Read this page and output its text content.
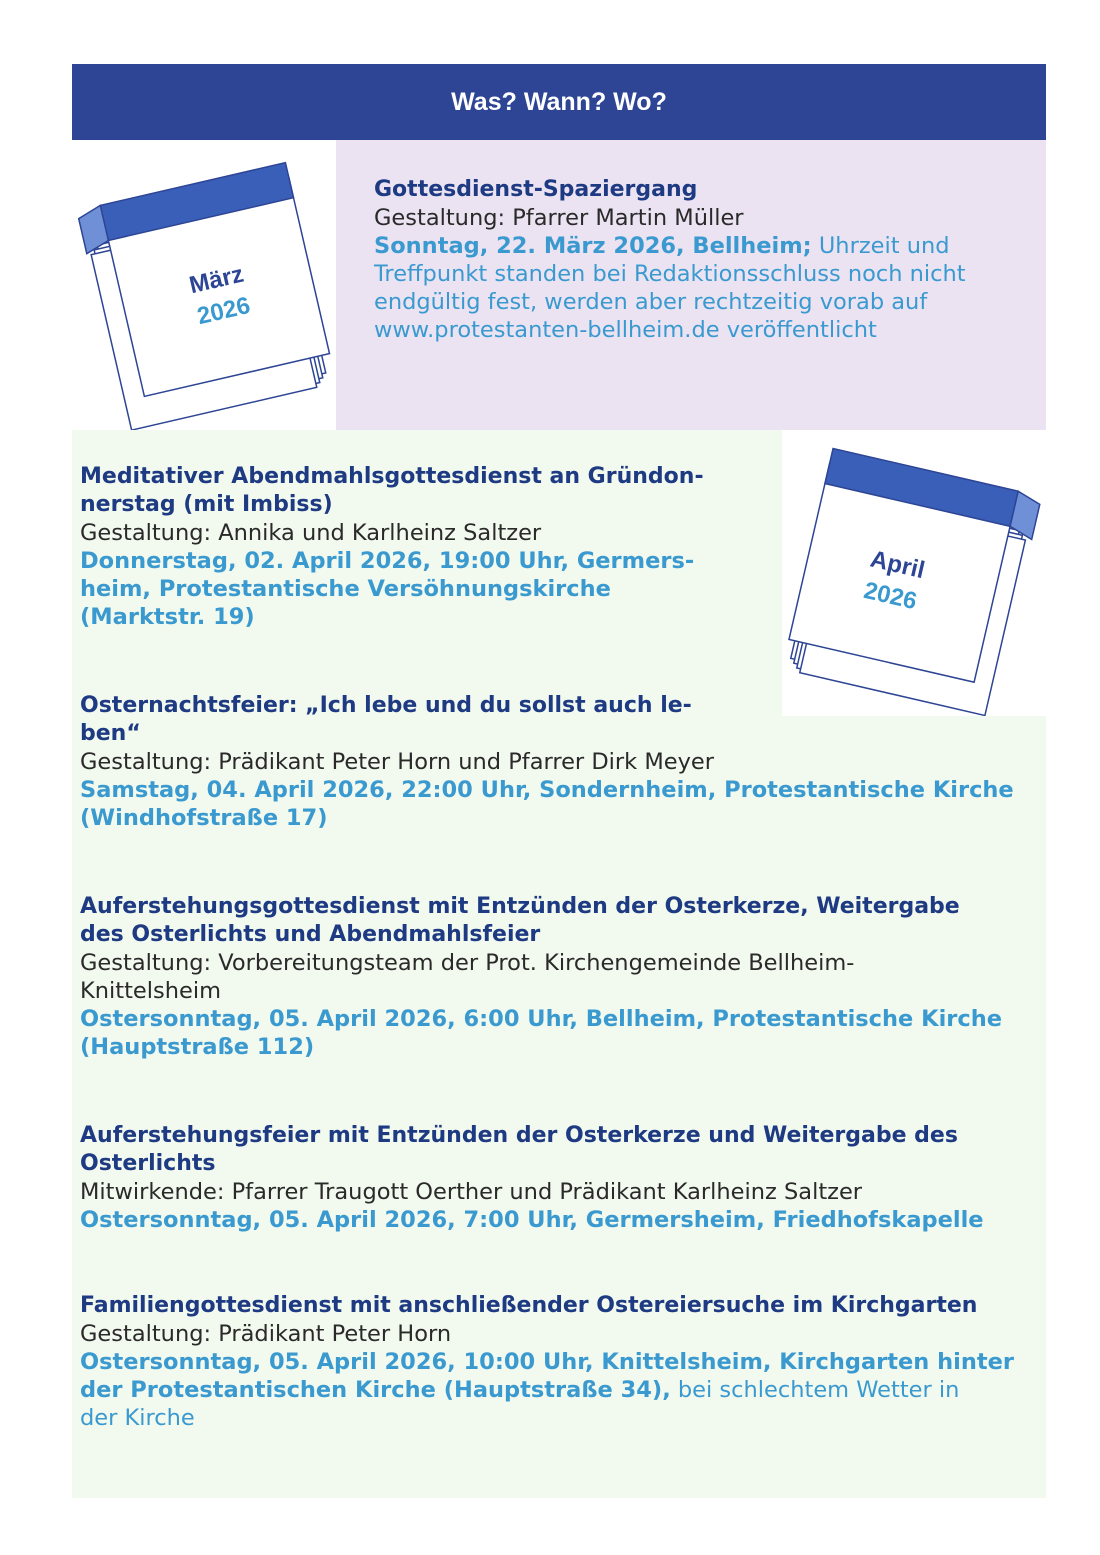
Was? Wann? Wo?
März
2026
April
2026
Gottesdienst-Spaziergang
Gestaltung: Pfarrer Martin Müller
Sonntag, 22. März 2026, Bellheim; Uhrzeit und
Treffpunkt standen bei Redaktionsschluss noch nicht
endgültig fest, werden aber rechtzeitig vorab auf
www.protestanten-bellheim.de veröffentlicht
Meditativer Abendmahlsgottesdienst an Gründon-
nerstag (mit Imbiss)
Gestaltung: Annika und Karlheinz Saltzer
Donnerstag, 02. April 2026, 19:00 Uhr, Germers-
heim, Protestantische Versöhnungskirche
(Marktstr. 19)
Osternachtsfeier: „Ich lebe und du sollst auch le-
ben“
Gestaltung: Prädikant Peter Horn und Pfarrer Dirk Meyer
Samstag, 04. April 2026, 22:00 Uhr, Sondernheim, Protestantische Kirche
(Windhofstraße 17)
Auferstehungsgottesdienst mit Entzünden der Osterkerze, Weitergabe
des Osterlichts und Abendmahlsfeier
Gestaltung: Vorbereitungsteam der Prot. Kirchengemeinde Bellheim-
Knittelsheim
Ostersonntag, 05. April 2026, 6:00 Uhr, Bellheim, Protestantische Kirche
(Hauptstraße 112)
Auferstehungsfeier mit Entzünden der Osterkerze und Weitergabe des
Osterlichts
Mitwirkende: Pfarrer Traugott Oerther und Prädikant Karlheinz Saltzer
Ostersonntag, 05. April 2026, 7:00 Uhr, Germersheim, Friedhofskapelle
Familiengottesdienst mit anschließender Ostereiersuche im Kirchgarten
Gestaltung: Prädikant Peter Horn
Ostersonntag, 05. April 2026, 10:00 Uhr, Knittelsheim, Kirchgarten hinter
der Protestantischen Kirche (Hauptstraße 34), bei schlechtem Wetter in
der Kirche
